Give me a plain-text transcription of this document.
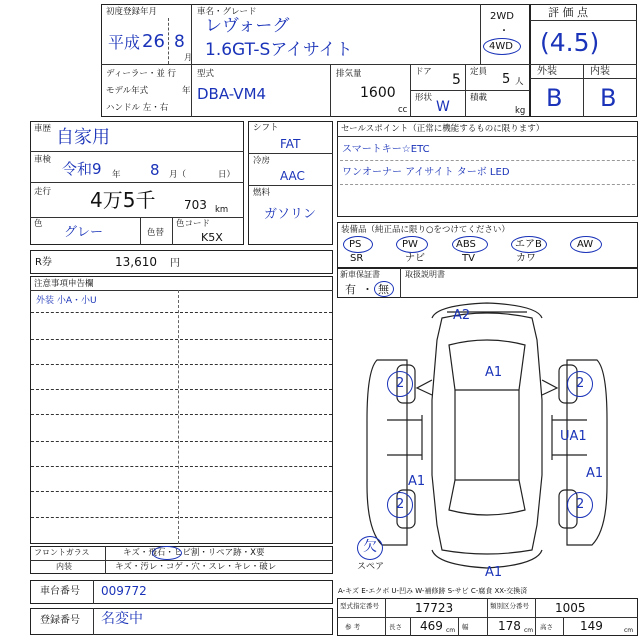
初度登録年月
平成 26 8
月
車名・グレード
レヴォーグ
1.6GT-Sアイサイト
2WD
・
4WD
評 価 点
(4.5)
ディーラー・並 行
モデル年式	年
ハンドル 左・右
型式
DBA-VM4
排気量
1600
cc
ドア 5
形状
W
定員 5 人
積載
kg
外装	内装
B B
車歴 自家用
車検 令和9 年 8 月（	日）
走行 4万5千 703 km
色
グレー	色替
色コード
K5X
シフト
FAT
冷房
AAC
燃料
ガソリン
セールスポイント（正常に機能するものに限ります）
スマートキー☆ETC
ワンオーナー アイサイト ターボ LED
装備品（純正品に限り○をつけてください）
PS	PW	ABS	エアB	AW
SR	ナビ	TV	カワ
新車保証書
有 ・ 無
取扱説明書
R券	13,610 円
注意事項申告欄
外装 小A・小U
フロントガラス	キズ・飛石・ヒビ割・リペア跡・X要
内装	キズ・汚レ・コゲ・穴・スレ・キレ・破レ
車台番号 009772
登録番号 名変中
A2
A1
2	2
UA1
A1
A1
2	2
A1
欠
スペア
A-キズ E-エクボ U-凹み W-補修跡 S-サビ C-腐食 XX-交換済
型式指定番号	17723	類別区分番号 1005
参 考	長さ 469 cm 幅 178 cm 高さ 149	cm
